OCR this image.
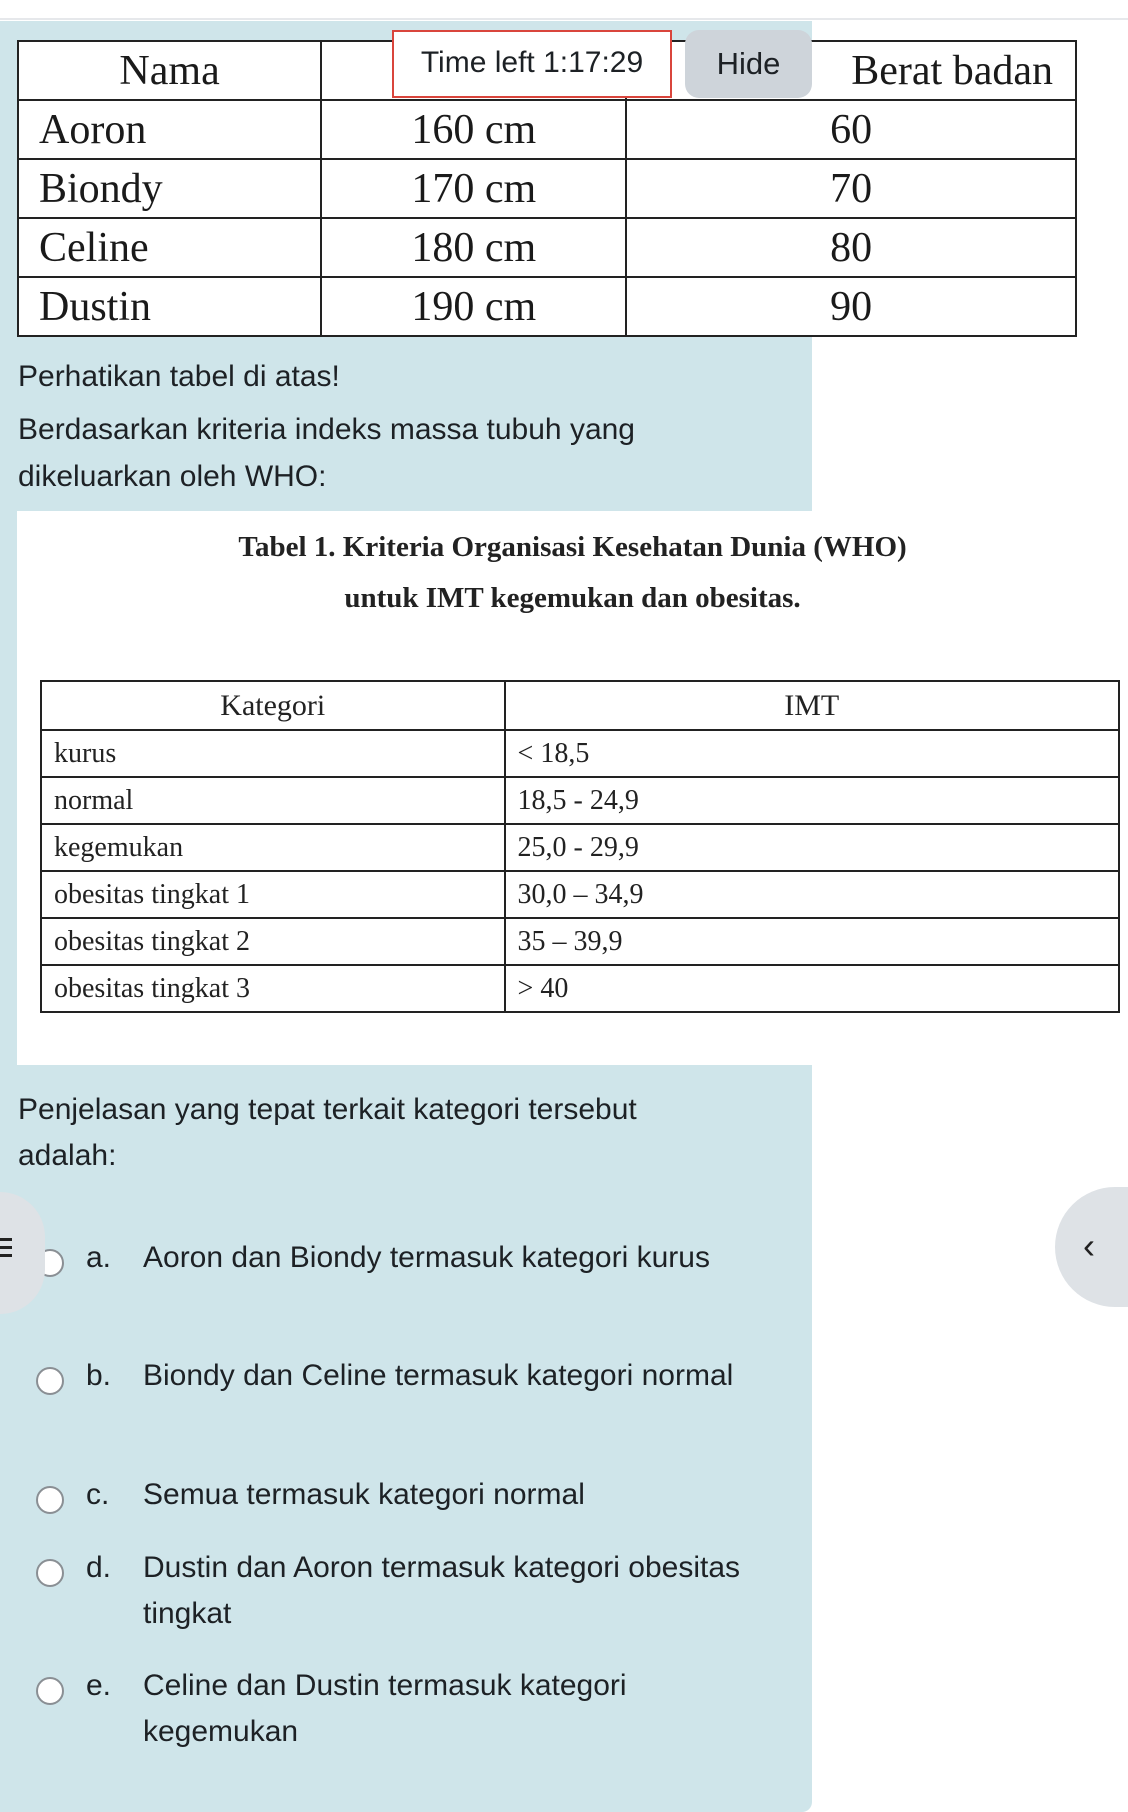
Nama		Berat badan
Aoron	160 cm	60
Biondy	170 cm	70
Celine	180 cm	80
Dustin	190 cm	90
Time left 1:17:29	Hide
Perhatikan tabel di atas!
Berdasarkan kriteria indeks massa tubuh yang dikeluarkan oleh WHO:
Tabel 1. Kriteria Organisasi Kesehatan Dunia (WHO)
untuk IMT kegemukan dan obesitas.
Kategori	IMT
kurus	< 18,5
normal	18,5 - 24,9
kegemukan	25,0 - 29,9
obesitas tingkat 1	30,0 – 34,9
obesitas tingkat 2	35 – 39,9
obesitas tingkat 3	> 40
Penjelasan yang tepat terkait kategori tersebut adalah:
a. Aoron dan Biondy termasuk kategori kurus
b. Biondy dan Celine termasuk kategori normal
c. Semua termasuk kategori normal
d. Dustin dan Aoron termasuk kategori obesitas tingkat
e. Celine dan Dustin termasuk kategori kegemukan
‹
